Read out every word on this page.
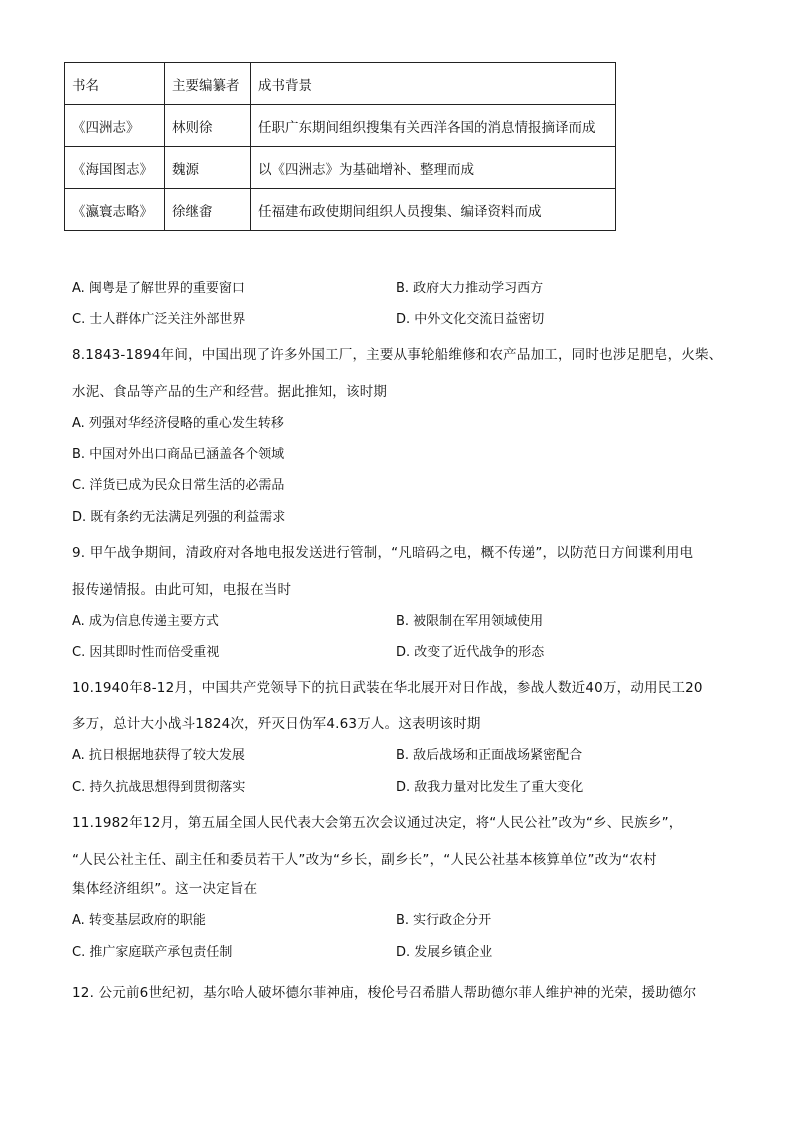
书名	主要编纂者	成书背景
《四洲志》	林则徐	任职广东期间组织搜集有关西洋各国的消息情报摘译而成
《海国图志》	魏源	以《四洲志》为基础增补、整理而成
《瀛寰志略》	徐继畬	任福建布政使期间组织人员搜集、编译资料而成
A. 闽粤是了解世界的重要窗口	B. 政府大力推动学习西方
C. 士人群体广泛关注外部世界	D. 中外文化交流日益密切
8.1843-1894年间，中国出现了许多外国工厂，主要从事轮船维修和农产品加工，同时也涉足肥皂，火柴、
水泥、食品等产品的生产和经营。据此推知，该时期
A. 列强对华经济侵略的重心发生转移
B. 中国对外出口商品已涵盖各个领域
C. 洋货已成为民众日常生活的必需品
D. 既有条约无法满足列强的利益需求
9. 甲午战争期间，清政府对各地电报发送进行管制，“凡暗码之电，概不传递”，以防范日方间谍利用电
报传递情报。由此可知，电报在当时
A. 成为信息传递主要方式	B. 被限制在军用领域使用
C. 因其即时性而倍受重视	D. 改变了近代战争的形态
10.1940年8-12月，中国共产党领导下的抗日武装在华北展开对日作战，参战人数近40万，动用民工20
多万，总计大小战斗1824次，歼灭日伪军4.63万人。这表明该时期
A. 抗日根据地获得了较大发展	B. 敌后战场和正面战场紧密配合
C. 持久抗战思想得到贯彻落实	D. 敌我力量对比发生了重大变化
11.1982年12月，第五届全国人民代表大会第五次会议通过决定，将“人民公社”改为“乡、民族乡”，
“人民公社主任、副主任和委员若干人”改为“乡长，副乡长”，“人民公社基本核算单位”改为“农村
集体经济组织”。这一决定旨在
A. 转变基层政府的职能	B. 实行政企分开
C. 推广家庭联产承包责任制	D. 发展乡镇企业
12. 公元前6世纪初，基尔哈人破坏德尔菲神庙，梭伦号召希腊人帮助德尔菲人维护神的光荣，援助德尔
